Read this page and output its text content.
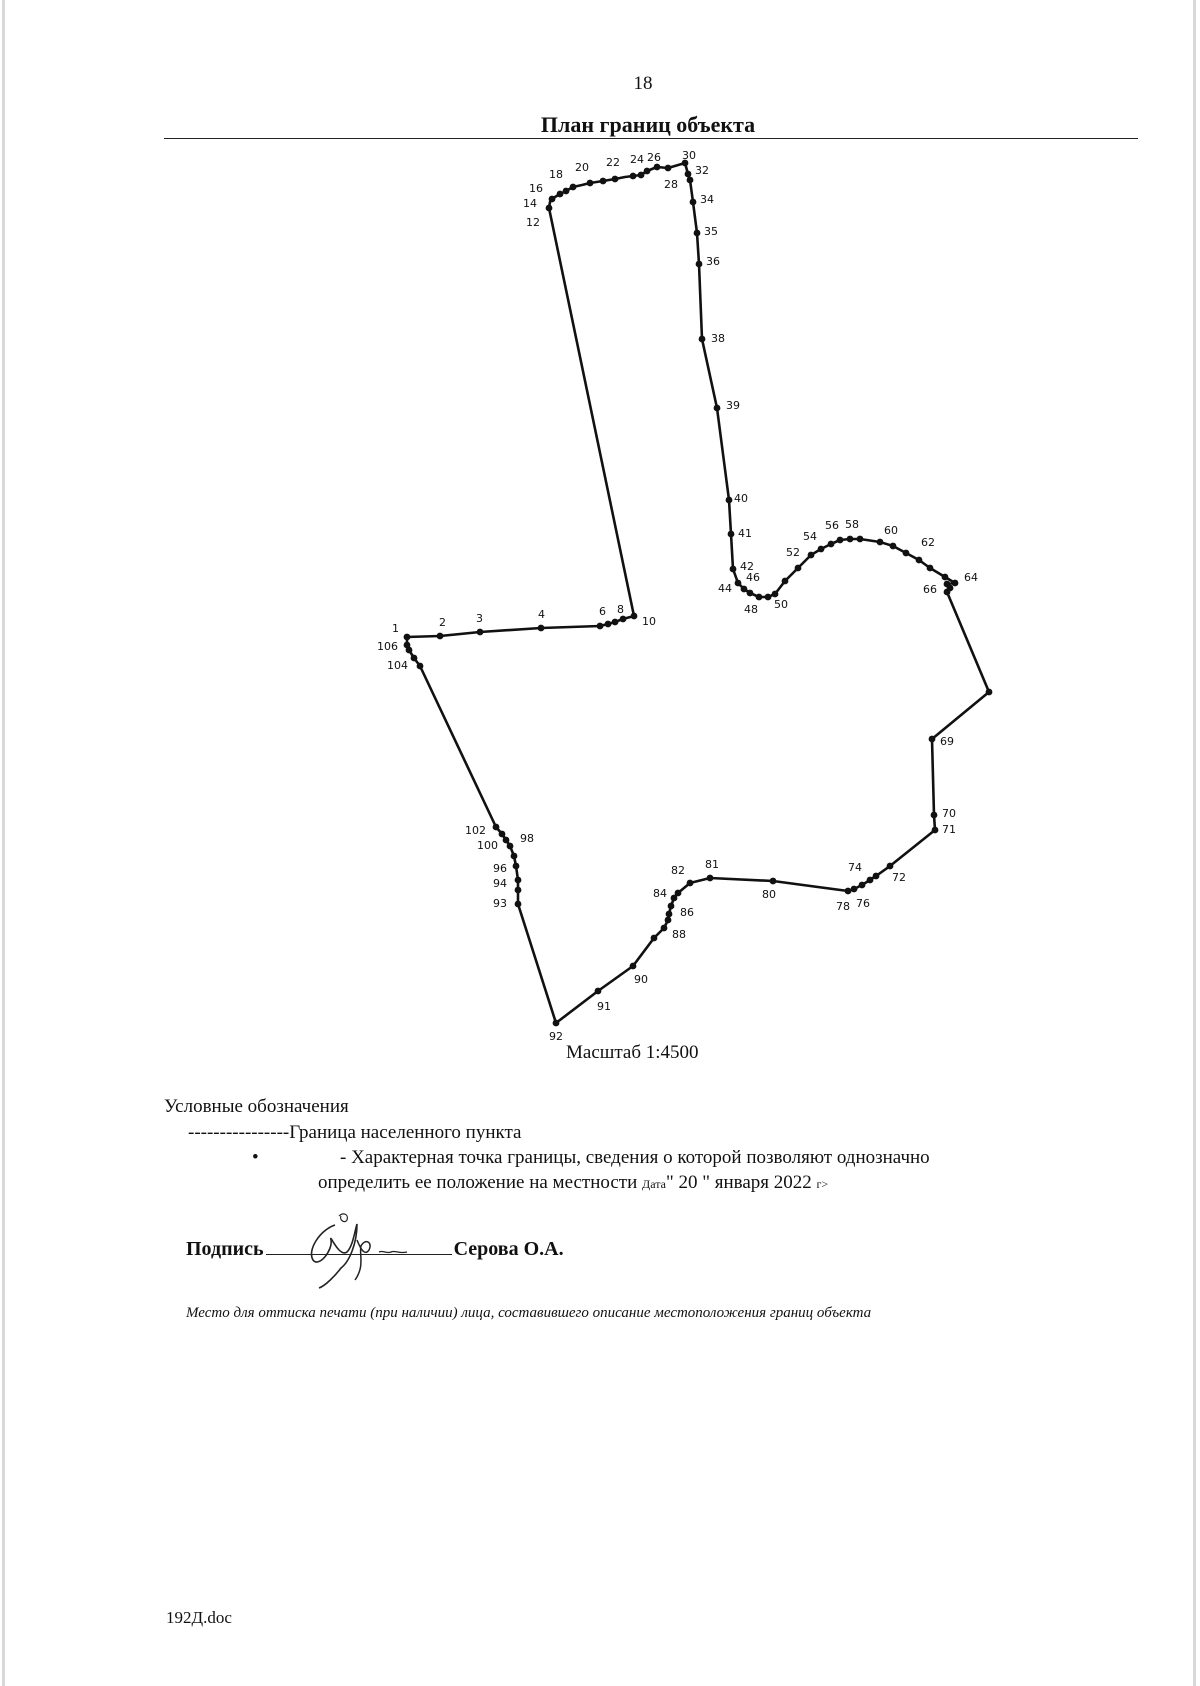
18
План границ объекта
1	2	3	4	6 8
10
12
14
16
18
20 22 24 26
28
30
32
34
35
36
38
39
40
41
42
44
46
48 50
52
54
56 58 60
62
64
66
69
70
71
72
74
76
78
80
81
82
84
86
88
90
91
92
93
94
96
98
100
102
104
106
Масштаб 1:4500
Условные обозначения
----------------Граница населенного пункта
•	- Характерная точка границы, сведения о которой позволяют однозначно
определить ее положение на местности Дата" 20 " января 2022 г>
Подпись	Серова О.А.
Место для оттиска печати (при наличии) лица, составившего описание местоположения границ объекта
192Д.doc
